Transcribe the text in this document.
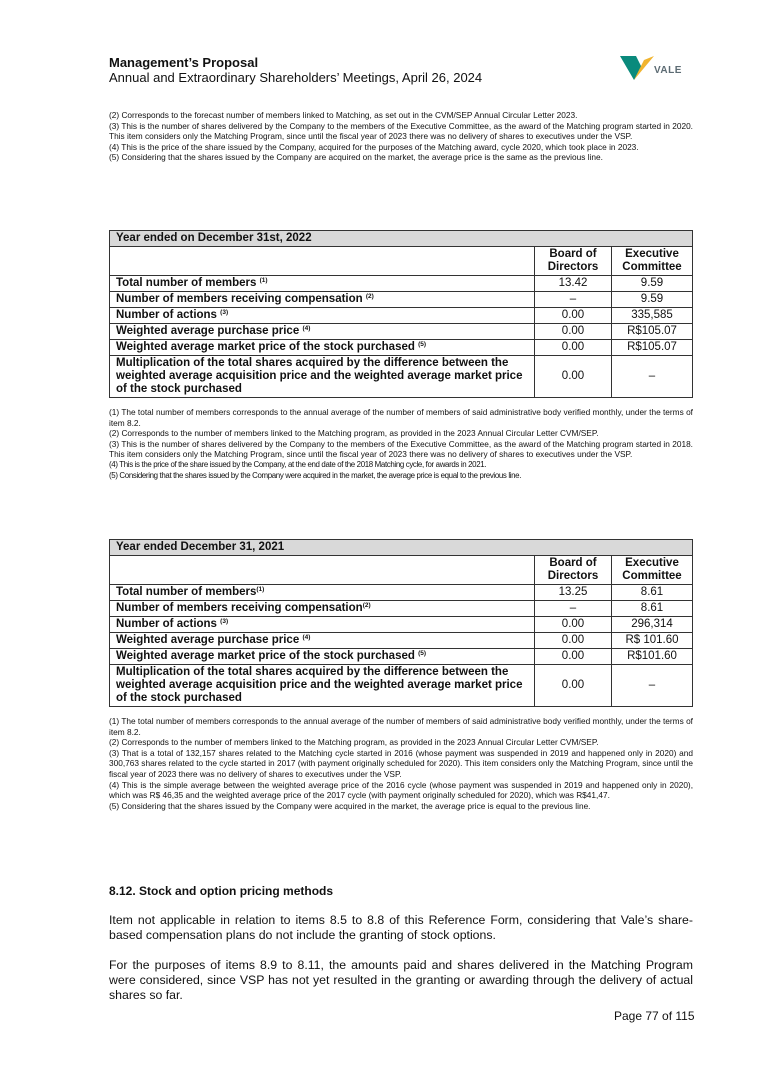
Management’s Proposal
Annual and Extraordinary Shareholders’ Meetings, April 26, 2024	VALE

(2) Corresponds to the forecast number of members linked to Matching, as set out in the CVM/SEP Annual Circular Letter 2023.

(3) This is the number of shares delivered by the Company to the members of the Executive Committee, as the award of the Matching program started in 2020. This item considers only the Matching Program, since until the fiscal year of 2023 there was no delivery of shares to executives under the VSP.

(4) This is the price of the share issued by the Company, acquired for the purposes of the Matching award, cycle 2020, which took place in 2023.

(5) Considering that the shares issued by the Company are acquired on the market, the average price is the same as the previous line.

Year ended on December 31st, 2022		
	Board of Directors	Executive Committee
Total number of members $^{(1)}$	13.42	9.59
Number of members receiving compensation $^{(2)}$	–	9.59
Number of actions $^{(3)}$	0.00	335,585
Weighted average purchase price $^{(4)}$	0.00	R$105.07
Weighted average market price of the stock purchased $^{(5)}$	0.00	R$105.07
Multiplication of the total shares acquired by the difference between the weighted average acquisition price and the weighted average market price of the stock purchased	0.00	–

(1) The total number of members corresponds to the annual average of the number of members of said administrative body verified monthly, under the terms of item 8.2.

(2) Corresponds to the number of members linked to the Matching program, as provided in the 2023 Annual Circular Letter CVM/SEP.

(3) This is the number of shares delivered by the Company to the members of the Executive Committee, as the award of the Matching program started in 2018. This item considers only the Matching Program, since until the fiscal year of 2023 there was no delivery of shares to executives under the VSP.

(4) This is the price of the share issued by the Company, at the end date of the 2018 Matching cycle, for awards in 2021.

(5) Considering that the shares issued by the Company were acquired in the market, the average price is equal to the previous line.

Year ended December 31, 2021		
	Board of Directors	Executive Committee
Total number of members$^{(1)}$	13.25	8.61
Number of members receiving compensation$^{(2)}$	–	8.61
Number of actions $^{(3)}$	0.00	296,314
Weighted average purchase price $^{(4)}$	0.00	R$ 101.60
Weighted average market price of the stock purchased $^{(5)}$	0.00	R$101.60
Multiplication of the total shares acquired by the difference between the weighted average acquisition price and the weighted average market price of the stock purchased	0.00	–

(1) The total number of members corresponds to the annual average of the number of members of said administrative body verified monthly, under the terms of item 8.2.

(2) Corresponds to the number of members linked to the Matching program, as provided in the 2023 Annual Circular Letter CVM/SEP.

(3) That is a total of 132,157 shares related to the Matching cycle started in 2016 (whose payment was suspended in 2019 and happened only in 2020) and 300,763 shares related to the cycle started in 2017 (with payment originally scheduled for 2020). This item considers only the Matching Program, since until the fiscal year of 2023 there was no delivery of shares to executives under the VSP.

(4) This is the simple average between the weighted average price of the 2016 cycle (whose payment was suspended in 2019 and happened only in 2020), which was R$ 46,35 and the weighted average price of the 2017 cycle (with payment originally scheduled for 2020), which was R$41,47.

(5) Considering that the shares issued by the Company were acquired in the market, the average price is equal to the previous line.

8.12. Stock and option pricing methods
Item not applicable in relation to items 8.5 to 8.8 of this Reference Form, considering that Vale’s share-based compensation plans do not include the granting of stock options.
For the purposes of items 8.9 to 8.11, the amounts paid and shares delivered in the Matching Program were considered, since VSP has not yet resulted in the granting or awarding through the delivery of actual shares so far.
Page 77 of 115
